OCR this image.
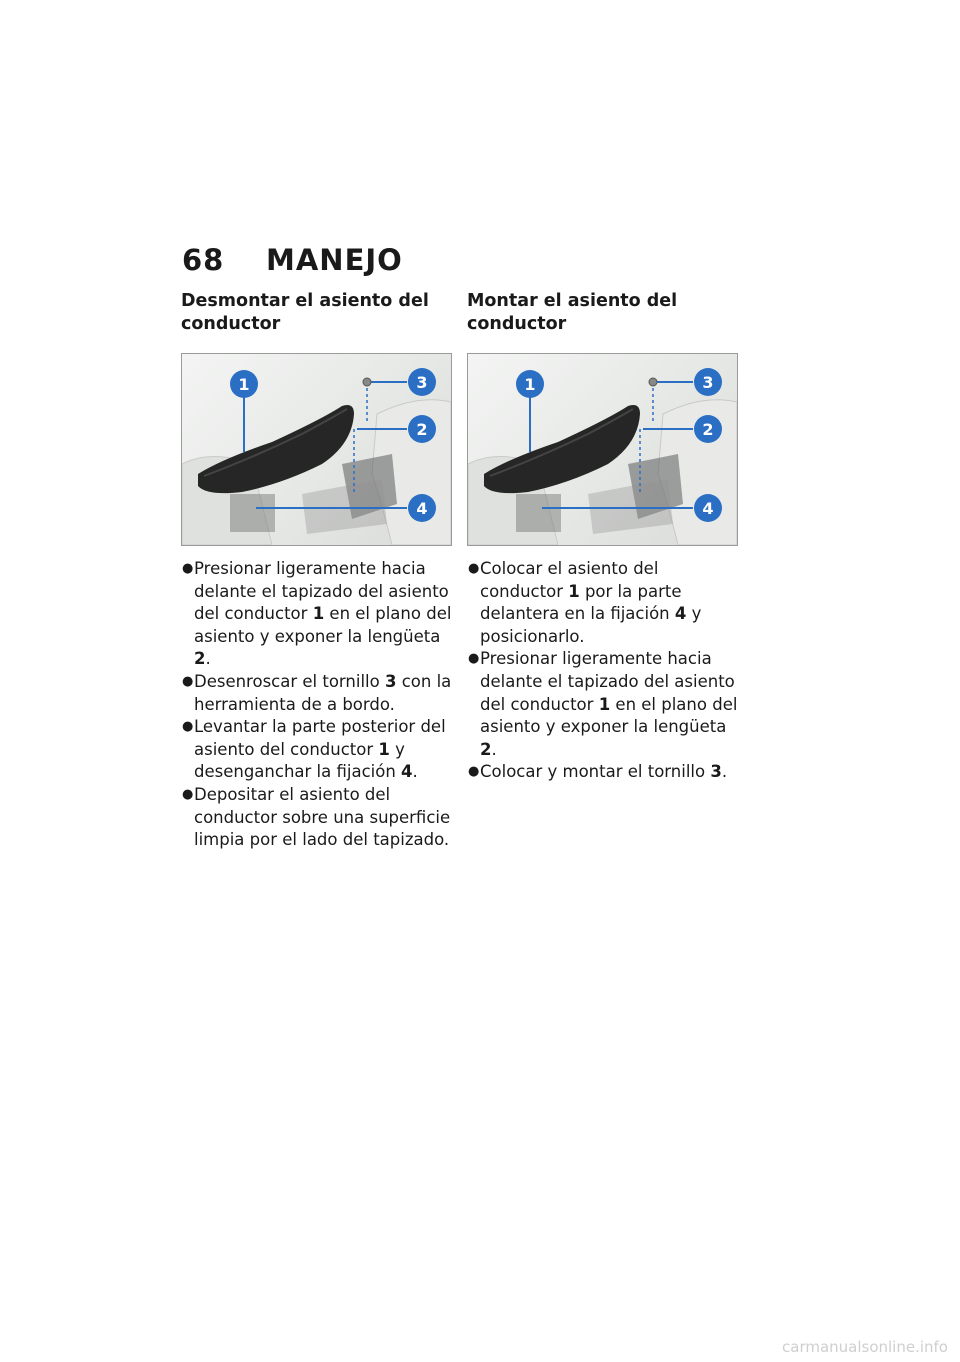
68	MANEJO
Desmontar el asiento del conductor
1	3
2
4
● Presionar ligeramente hacia delante el tapizado del asiento del conductor 1 en el plano del asiento y exponer la lengüeta 2.
● Desenroscar el tornillo 3 con la herramienta de a bordo.
● Levantar la parte posterior del asiento del conductor 1 y desenganchar la fijación 4.
● Depositar el asiento del conductor sobre una superficie limpia por el lado del tapizado.
Montar el asiento del conductor
1	3
2
4
● Colocar el asiento del conductor 1 por la parte delantera en la fijación 4 y posicionarlo.
● Presionar ligeramente hacia delante el tapizado del asiento del conductor 1 en el plano del asiento y exponer la lengüeta 2.
● Colocar y montar el tornillo 3.
carmanualsonline.info
